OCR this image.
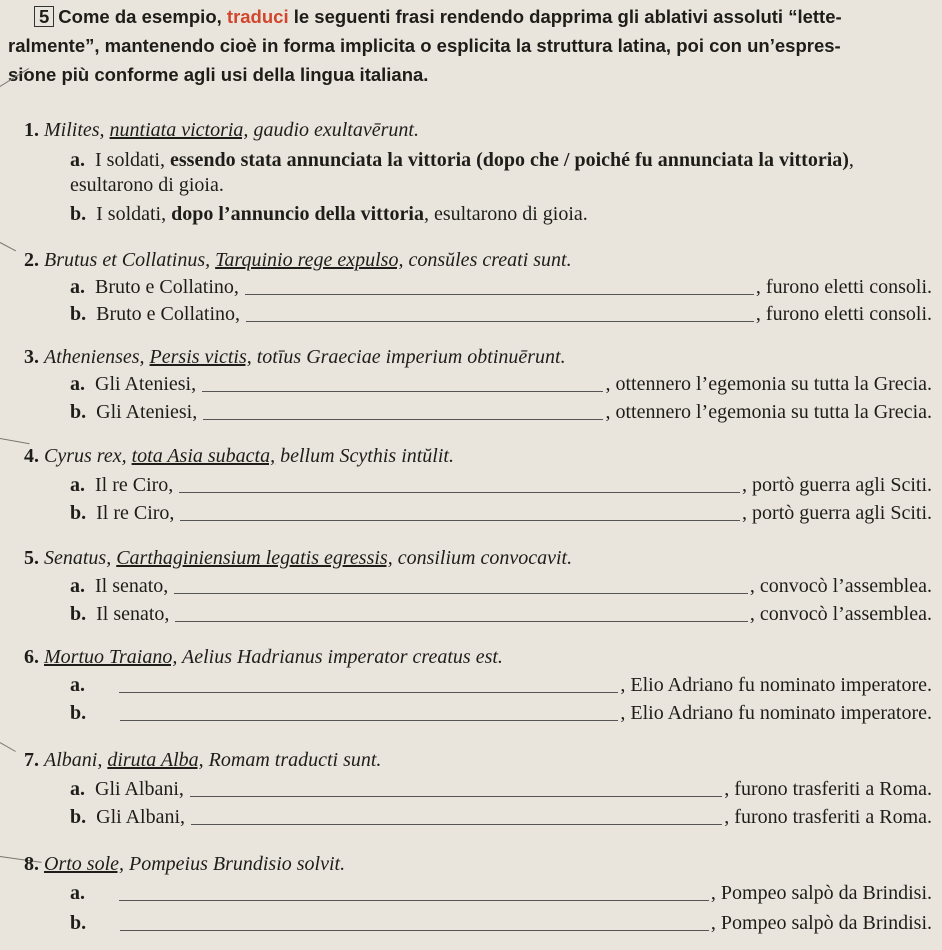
5 Come da esempio, traduci le seguenti frasi rendendo dapprima gli ablativi assoluti “lette-
ralmente”, mantenendo cioè in forma implicita o esplicita la struttura latina, poi con un’espres-
sione più conforme agli usi della lingua italiana.
1. Milites, nuntiata victoria, gaudio exultavērunt.
a. I soldati, essendo stata annunciata la vittoria (dopo che / poiché fu annunciata la vittoria), esultarono di gioia.
b. I soldati, dopo l’annuncio della vittoria, esultarono di gioia.
2. Brutus et Collatinus, Tarquinio rege expulso, consŭles creati sunt.
a. Bruto e Collatino,	, furono eletti consoli.
b. Bruto e Collatino,	, furono eletti consoli.
3. Athenienses, Persis victis, totīus Graeciae imperium obtinuērunt.
a. Gli Ateniesi,	, ottennero l’egemonia su tutta la Grecia.
b. Gli Ateniesi,	, ottennero l’egemonia su tutta la Grecia.
4. Cyrus rex, tota Asia subacta, bellum Scythis intŭlit.
a. Il re Ciro,	, portò guerra agli Sciti.
b. Il re Ciro,	, portò guerra agli Sciti.
5. Senatus, Carthaginiensium legatis egressis, consilium convocavit.
a. Il senato,	, convocò l’assemblea.
b. Il senato,	, convocò l’assemblea.
6. Mortuo Traiano, Aelius Hadrianus imperator creatus est.
a.	, Elio Adriano fu nominato imperatore.
b.	, Elio Adriano fu nominato imperatore.
7. Albani, diruta Alba, Romam traducti sunt.
a. Gli Albani,	, furono trasferiti a Roma.
b. Gli Albani,	, furono trasferiti a Roma.
8. Orto sole, Pompeius Brundisio solvit.
a.	, Pompeo salpò da Brindisi.
b.	, Pompeo salpò da Brindisi.
